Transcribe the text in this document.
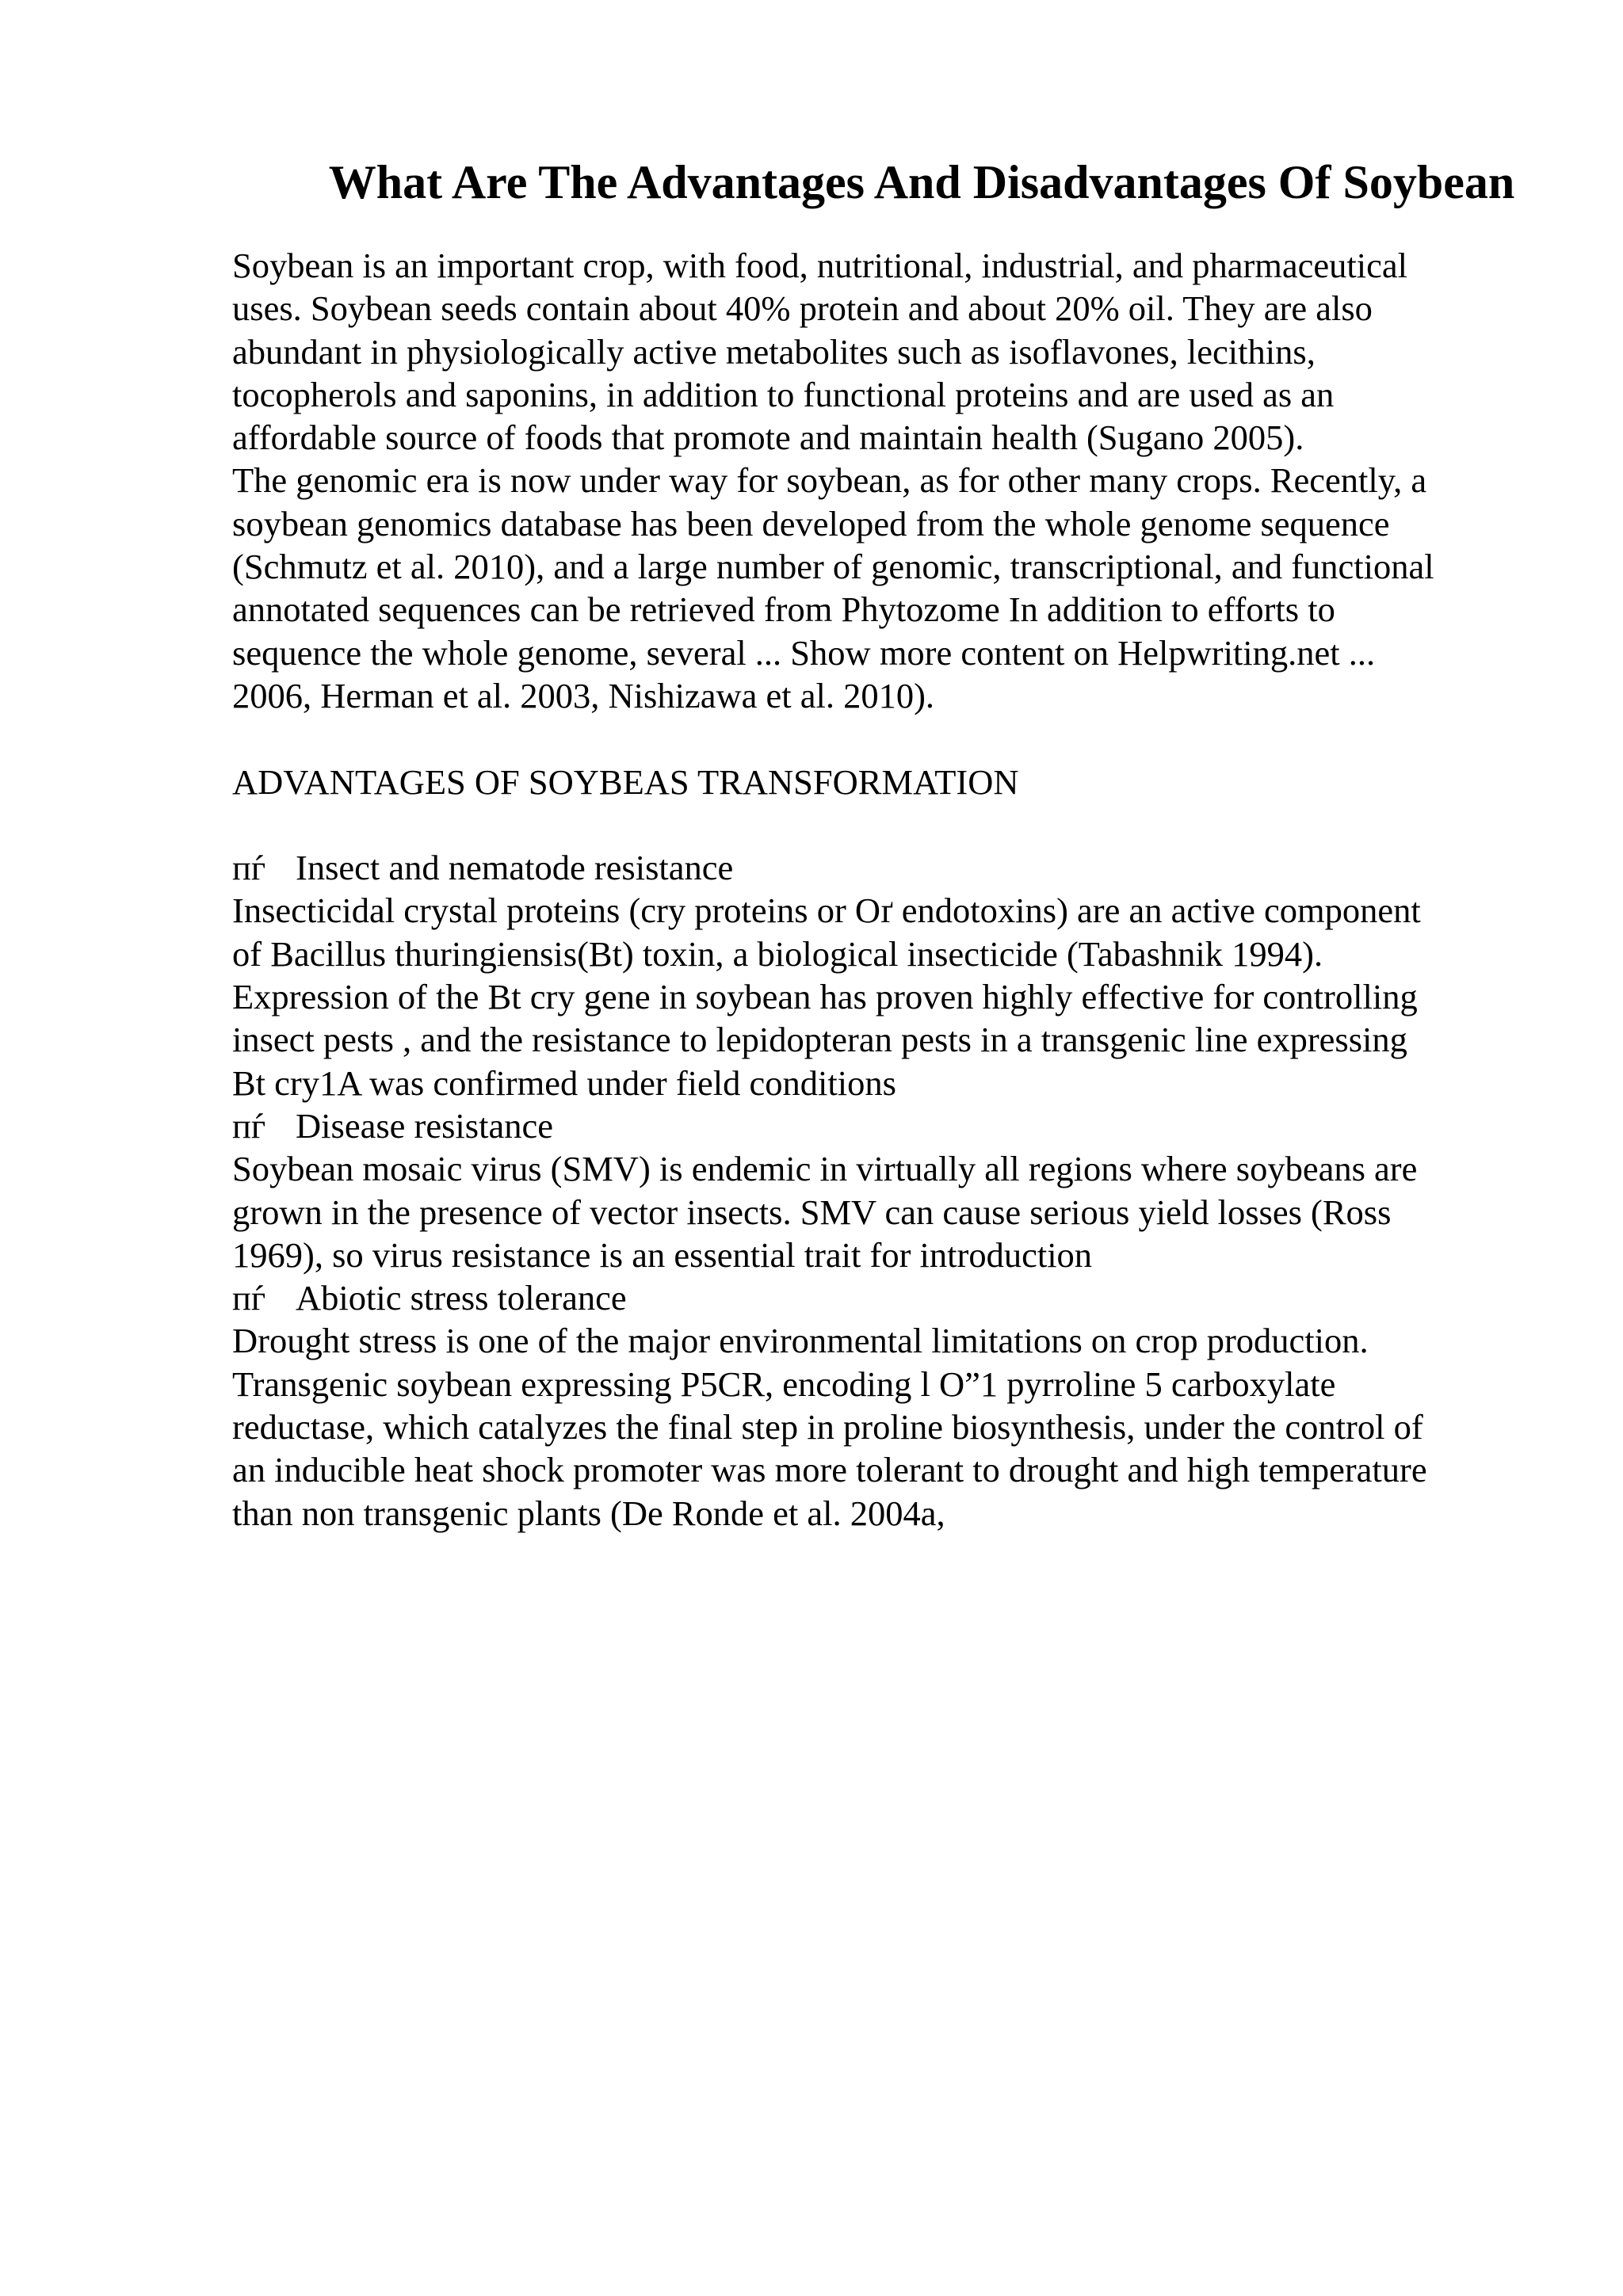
What Are The Advantages And Disadvantages Of Soybean
Soybean is an important crop, with food, nutritional, industrial, and pharmaceutical
uses. Soybean seeds contain about 40% protein and about 20% oil. They are also
abundant in physiologically active metabolites such as isoflavones, lecithins,
tocopherols and saponins, in addition to functional proteins and are used as an
affordable source of foods that promote and maintain health (Sugano 2005).
The genomic era is now under way for soybean, as for other many crops. Recently, a
soybean genomics database has been developed from the whole genome sequence
(Schmutz et al. 2010), and a large number of genomic, transcriptional, and functional
annotated sequences can be retrieved from Phytozome In addition to efforts to
sequence the whole genome, several ... Show more content on Helpwriting.net ...
2006, Herman et al. 2003, Nishizawa et al. 2010).
ADVANTAGES OF SOYBEAS TRANSFORMATION
пѓ Insect and nematode resistance
Insecticidal crystal proteins (cry proteins or Оґ endotoxins) are an active component
of Bacillus thuringiensis(Bt) toxin, a biological insecticide (Tabashnik 1994).
Expression of the Bt cry gene in soybean has proven highly effective for controlling
insect pests , and the resistance to lepidopteran pests in a transgenic line expressing
Bt cry1A was confirmed under field conditions
пѓ Disease resistance
Soybean mosaic virus (SMV) is endemic in virtually all regions where soybeans are
grown in the presence of vector insects. SMV can cause serious yield losses (Ross
1969), so virus resistance is an essential trait for introduction
пѓ Abiotic stress tolerance
Drought stress is one of the major environmental limitations on crop production.
Transgenic soybean expressing P5CR, encoding l О”1 pyrroline 5 carboxylate
reductase, which catalyzes the final step in proline biosynthesis, under the control of
an inducible heat shock promoter was more tolerant to drought and high temperature
than non transgenic plants (De Ronde et al. 2004a,
